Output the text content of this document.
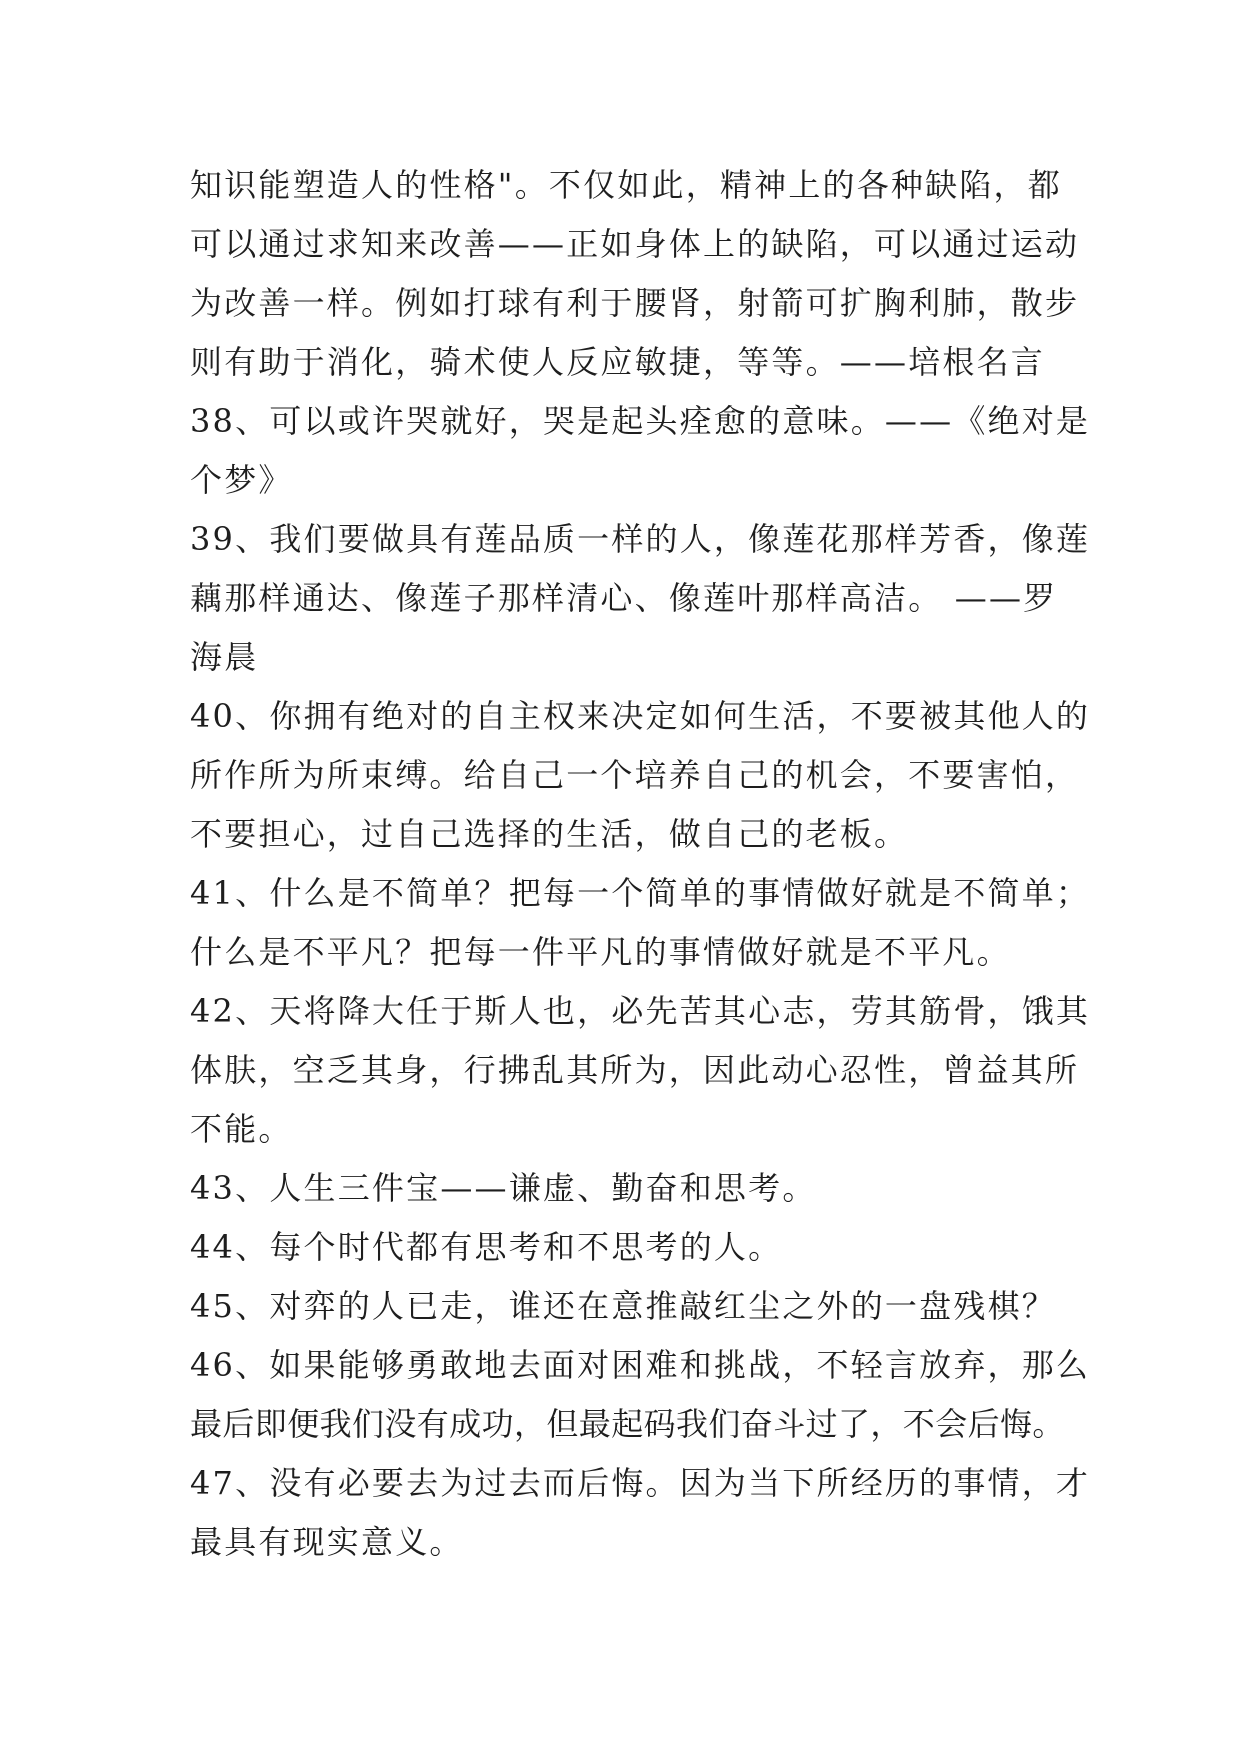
知识能塑造人的性格"。不仅如此，精神上的各种缺陷，都
可以通过求知来改善——正如身体上的缺陷，可以通过运动
为改善一样。例如打球有利于腰肾，射箭可扩胸利肺，散步
则有助于消化，骑术使人反应敏捷，等等。——培根名言
38、可以或许哭就好，哭是起头痊愈的意味。——《绝对是
个梦》
39、我们要做具有莲品质一样的人，像莲花那样芳香，像莲
藕那样通达、像莲子那样清心、像莲叶那样高洁。 ——罗
海晨
40、你拥有绝对的自主权来决定如何生活，不要被其他人的
所作所为所束缚。给自己一个培养自己的机会，不要害怕，
不要担心，过自己选择的生活，做自己的老板。
41、什么是不简单？把每一个简单的事情做好就是不简单；
什么是不平凡？把每一件平凡的事情做好就是不平凡。
42、天将降大任于斯人也，必先苦其心志，劳其筋骨，饿其
体肤，空乏其身，行拂乱其所为，因此动心忍性，曾益其所
不能。
43、人生三件宝——谦虚、勤奋和思考。
44、每个时代都有思考和不思考的人。
45、对弈的人已走，谁还在意推敲红尘之外的一盘残棋？
46、如果能够勇敢地去面对困难和挑战，不轻言放弃，那么
最后即便我们没有成功，但最起码我们奋斗过了，不会后悔。
47、没有必要去为过去而后悔。因为当下所经历的事情，才
最具有现实意义。
